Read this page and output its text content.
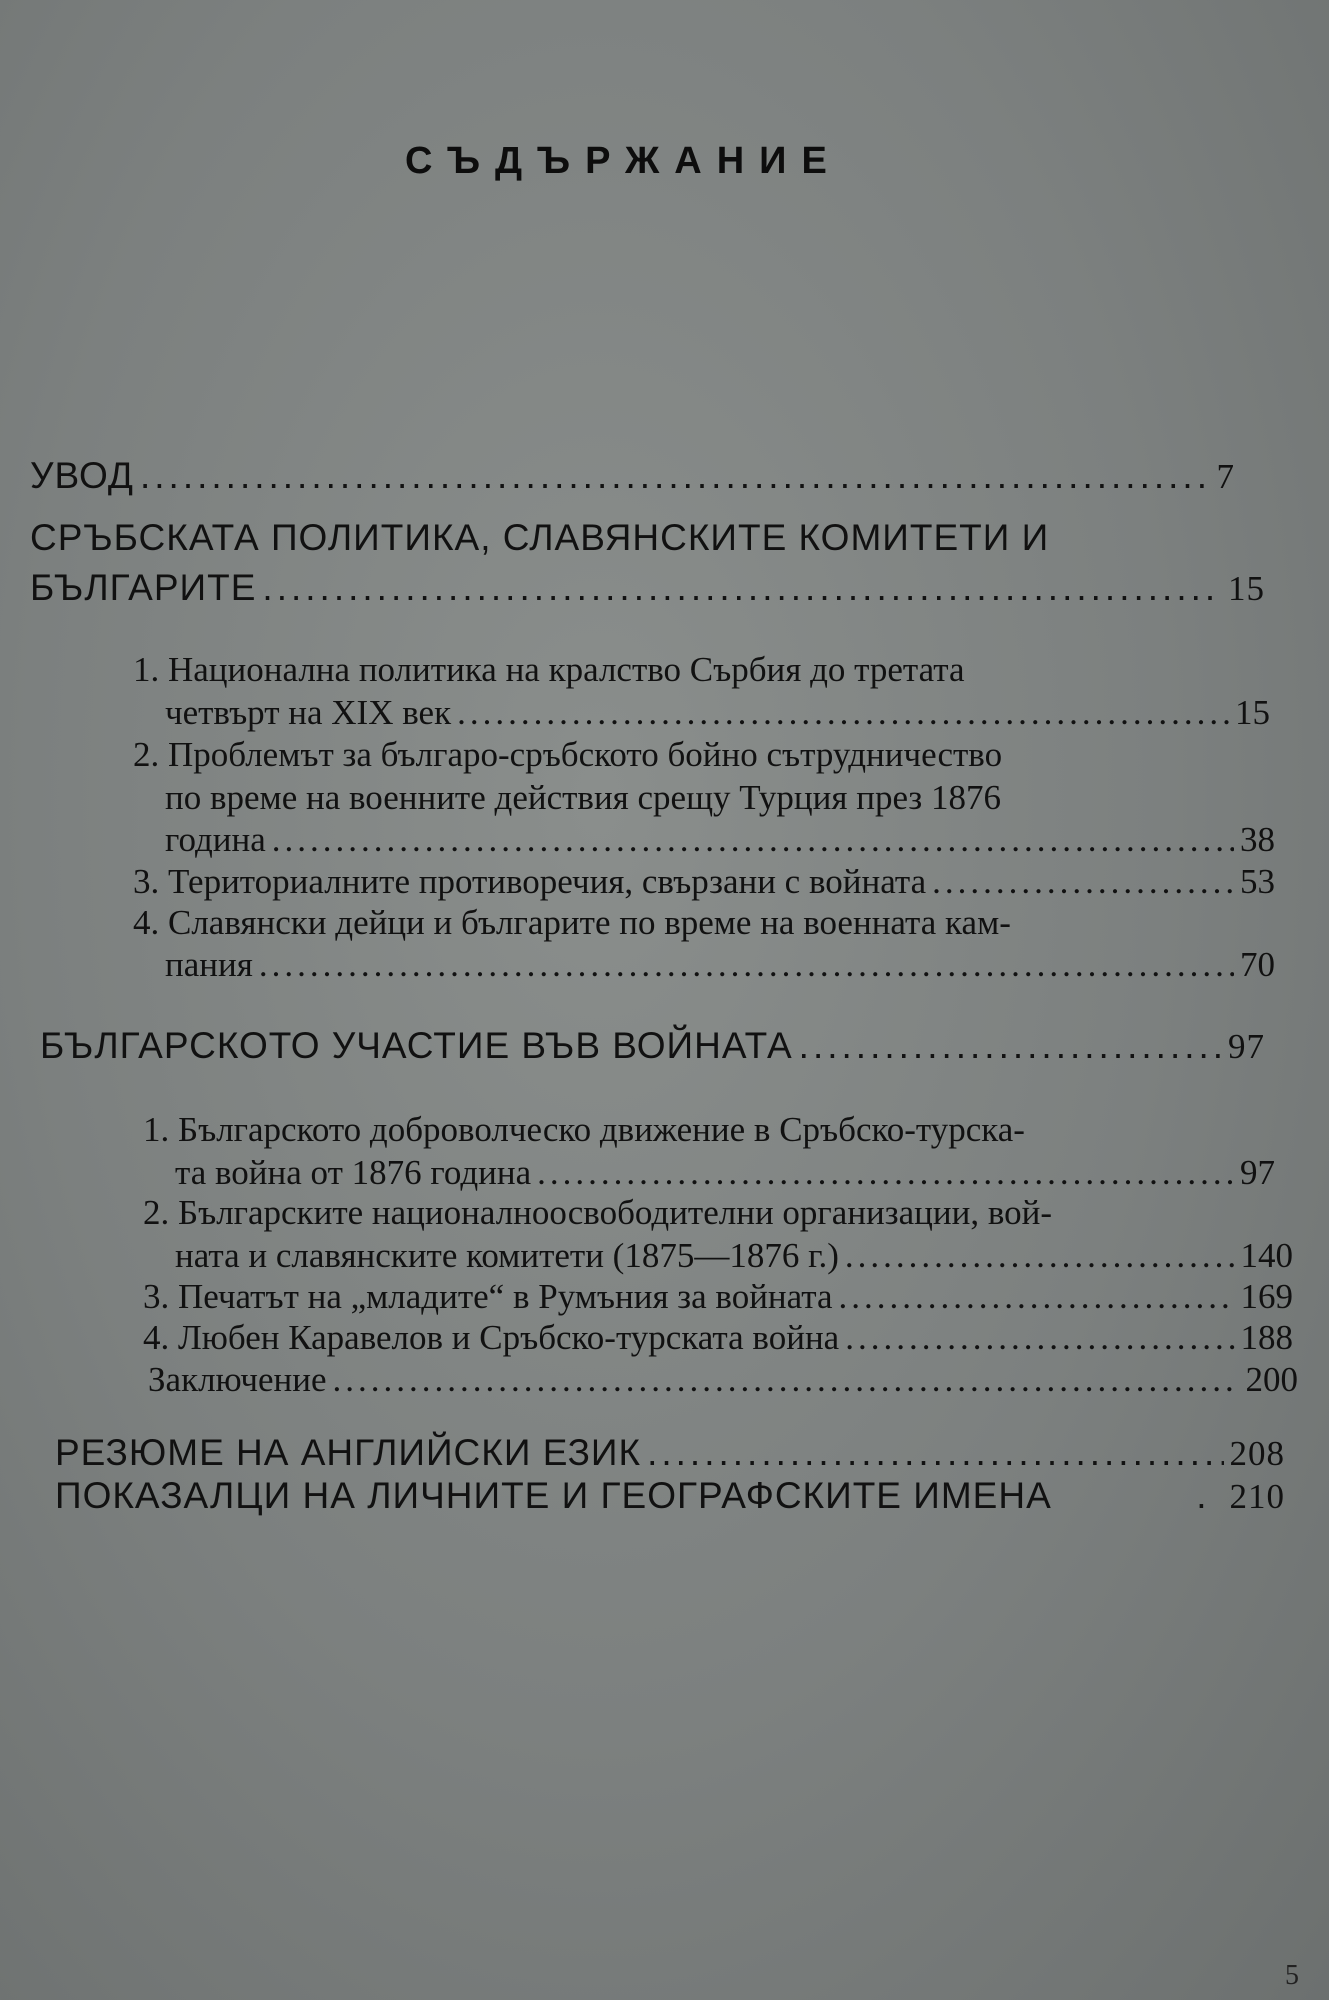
СЪДЪРЖАНИЕ
УВОД .....	7
СРЪБСКАТА ПОЛИТИКА, СЛАВЯНСКИТЕ КОМИТЕТИ И
БЪЛГАРИТЕ .....	15
1. Национална политика на кралство Сърбия до третата
четвърт на XIX век .....	15
2. Проблемът за българо-сръбското бойно сътрудничество
по време на военните действия срещу Турция през 1876
година .....	38
3. Териториалните противоречия, свързани с войната .....	53
4. Славянски дейци и българите по време на военната кам-
пания .....	70
БЪЛГАРСКОТО УЧАСТИЕ ВЪВ ВОЙНАТА .....	97
1. Българското доброволческо движение в Сръбско-турска-
та война от 1876 година .....	97
2. Българските националноосвободителни организации, вой-
ната и славянските комитети (1875—1876 г.) .....	140
3. Печатът на „младите“ в Румъния за войната .....	169
4. Любен Каравелов и Сръбско-турската война .....	188
Заключение .....	200
РЕЗЮМЕ НА АНГЛИЙСКИ ЕЗИК .....	208
ПОКАЗАЛЦИ НА ЛИЧНИТЕ И ГЕОГРАФСКИТЕ ИМЕНА	. 210
5
